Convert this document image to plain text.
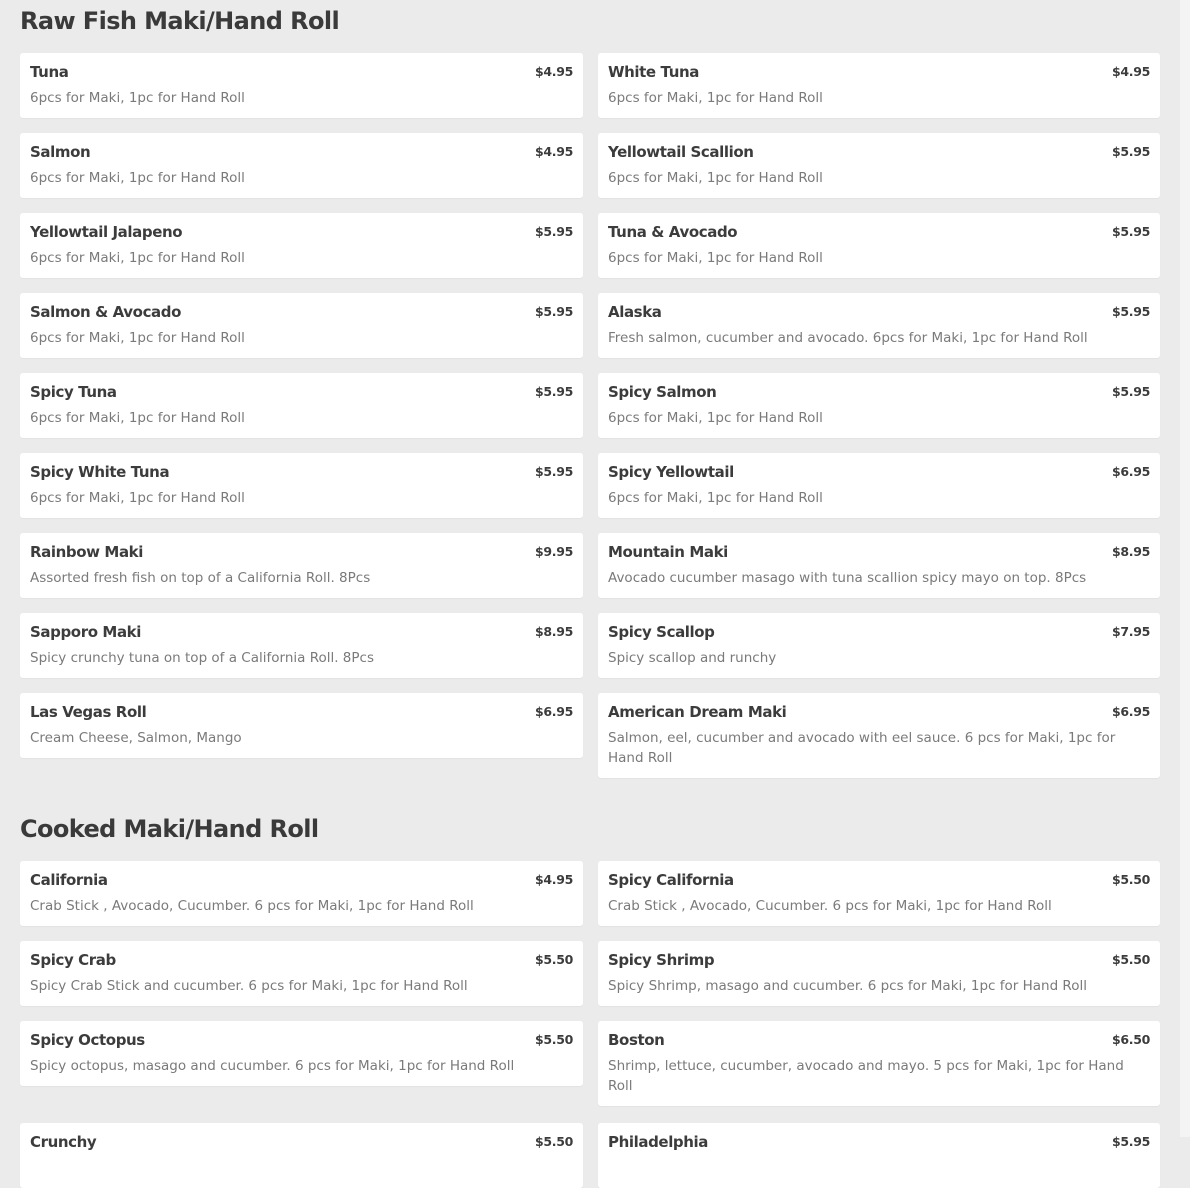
Raw Fish Maki/Hand Roll
Tuna	$4.95
6pcs for Maki, 1pc for Hand Roll
Salmon	$4.95
6pcs for Maki, 1pc for Hand Roll
Yellowtail Jalapeno	$5.95
6pcs for Maki, 1pc for Hand Roll
Salmon & Avocado	$5.95
6pcs for Maki, 1pc for Hand Roll
Spicy Tuna	$5.95
6pcs for Maki, 1pc for Hand Roll
Spicy White Tuna	$5.95
6pcs for Maki, 1pc for Hand Roll
Rainbow Maki	$9.95
Assorted fresh fish on top of a California Roll. 8Pcs
Sapporo Maki	$8.95
Spicy crunchy tuna on top of a California Roll. 8Pcs
Las Vegas Roll	$6.95
Cream Cheese, Salmon, Mango
White Tuna	$4.95
6pcs for Maki, 1pc for Hand Roll
Yellowtail Scallion	$5.95
6pcs for Maki, 1pc for Hand Roll
Tuna & Avocado	$5.95
6pcs for Maki, 1pc for Hand Roll
Alaska	$5.95
Fresh salmon, cucumber and avocado. 6pcs for Maki, 1pc for Hand Roll
Spicy Salmon	$5.95
6pcs for Maki, 1pc for Hand Roll
Spicy Yellowtail	$6.95
6pcs for Maki, 1pc for Hand Roll
Mountain Maki	$8.95
Avocado cucumber masago with tuna scallion spicy mayo on top. 8Pcs
Spicy Scallop	$7.95
Spicy scallop and runchy
American Dream Maki	$6.95
Salmon, eel, cucumber and avocado with eel sauce. 6 pcs for Maki, 1pc for Hand Roll
Cooked Maki/Hand Roll
California	$4.95
Crab Stick , Avocado, Cucumber. 6 pcs for Maki, 1pc for Hand Roll
Spicy Crab	$5.50
Spicy Crab Stick and cucumber. 6 pcs for Maki, 1pc for Hand Roll
Spicy Octopus	$5.50
Spicy octopus, masago and cucumber. 6 pcs for Maki, 1pc for Hand Roll
Crunchy	$5.50
Spicy California	$5.50
Crab Stick , Avocado, Cucumber. 6 pcs for Maki, 1pc for Hand Roll
Spicy Shrimp	$5.50
Spicy Shrimp, masago and cucumber. 6 pcs for Maki, 1pc for Hand Roll
Boston	$6.50
Shrimp, lettuce, cucumber, avocado and mayo. 5 pcs for Maki, 1pc for Hand Roll
Philadelphia	$5.95
